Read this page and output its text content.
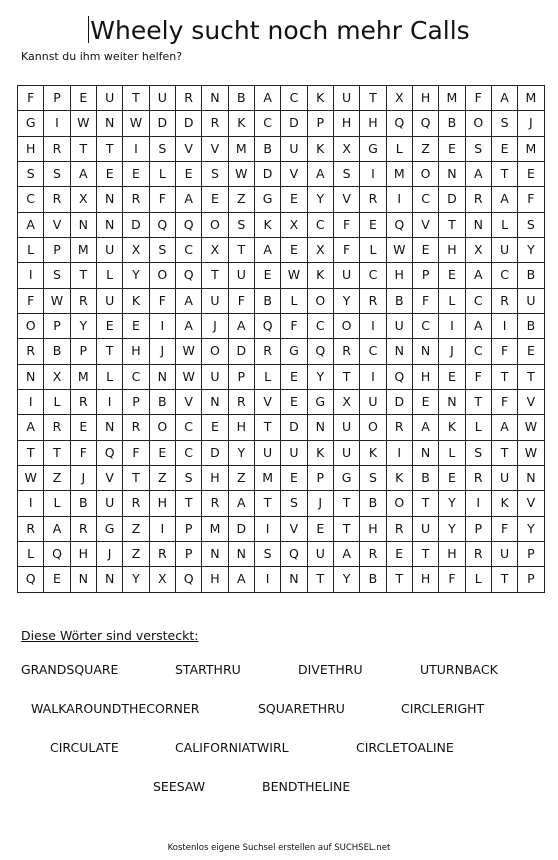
Wheely sucht noch mehr Calls
Kannst du ihm weiter helfen?
F	P	E	U	T	U	R	N	B	A	C	K	U	T	X	H	M	F	A	M
G	I	W	N	W	D	D	R	K	C	D	P	H	H	Q	Q	B	O	S	J
H	R	T	T	I	S	V	V	M	B	U	K	X	G	L	Z	E	S	E	M
S	S	A	E	E	L	E	S	W	D	V	A	S	I	M	O	N	A	T	E
C	R	X	N	R	F	A	E	Z	G	E	Y	V	R	I	C	D	R	A	F
A	V	N	N	D	Q	Q	O	S	K	X	C	F	E	Q	V	T	N	L	S
L	P	M	U	X	S	C	X	T	A	E	X	F	L	W	E	H	X	U	Y
I	S	T	L	Y	O	Q	T	U	E	W	K	U	C	H	P	E	A	C	B
F	W	R	U	K	F	A	U	F	B	L	O	Y	R	B	F	L	C	R	U
O	P	Y	E	E	I	A	J	A	Q	F	C	O	I	U	C	I	A	I	B
R	B	P	T	H	J	W	O	D	R	G	Q	R	C	N	N	J	C	F	E
N	X	M	L	C	N	W	U	P	L	E	Y	T	I	Q	H	E	F	T	T
I	L	R	I	P	B	V	N	R	V	E	G	X	U	D	E	N	T	F	V
A	R	E	N	R	O	C	E	H	T	D	N	U	O	R	A	K	L	A	W
T	T	F	Q	F	E	C	D	Y	U	U	K	U	K	I	N	L	S	T	W
W	Z	J	V	T	Z	S	H	Z	M	E	P	G	S	K	B	E	R	U	N
I	L	B	U	R	H	T	R	A	T	S	J	T	B	O	T	Y	I	K	V
R	A	R	G	Z	I	P	M	D	I	V	E	T	H	R	U	Y	P	F	Y
L	Q	H	J	Z	R	P	N	N	S	Q	U	A	R	E	T	H	R	U	P
Q	E	N	N	Y	X	Q	H	A	I	N	T	Y	B	T	H	F	L	T	P
Diese Wörter sind versteckt:
GRANDSQUARE	STARTHRU	DIVETHRU	UTURNBACK
WALKAROUNDTHECORNER	SQUARETHRU	CIRCLERIGHT
CIRCULATE	CALIFORNIATWIRL	CIRCLETOALINE
SEESAW	BENDTHELINE
Kostenlos eigene Suchsel erstellen auf SUCHSEL.net
